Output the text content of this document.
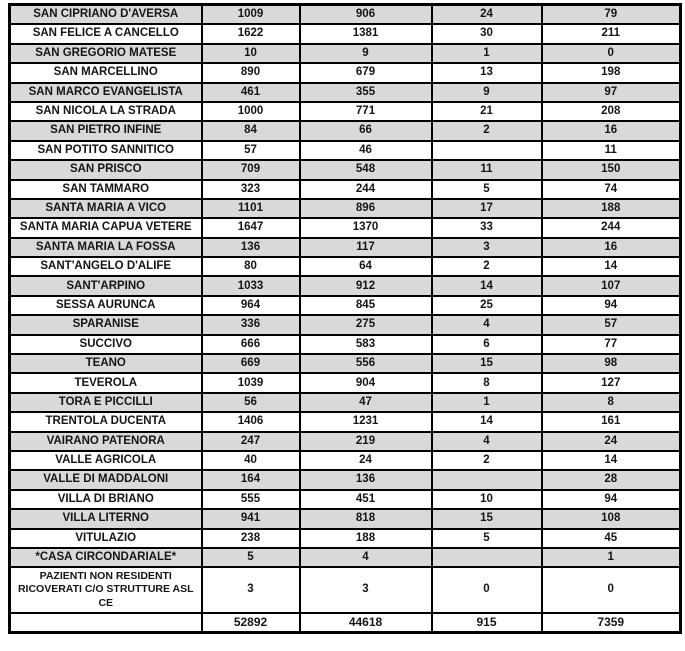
SAN CIPRIANO D'AVERSA	1009	906	24	79
SAN FELICE A CANCELLO	1622	1381	30	211
SAN GREGORIO MATESE	10	9	1	0
SAN MARCELLINO	890	679	13	198
SAN MARCO EVANGELISTA	461	355	9	97
SAN NICOLA LA STRADA	1000	771	21	208
SAN PIETRO INFINE	84	66	2	16
SAN POTITO SANNITICO	57	46		11
SAN PRISCO	709	548	11	150
SAN TAMMARO	323	244	5	74
SANTA MARIA A VICO	1101	896	17	188
SANTA MARIA CAPUA VETERE	1647	1370	33	244
SANTA MARIA LA FOSSA	136	117	3	16
SANT'ANGELO D'ALIFE	80	64	2	14
SANT'ARPINO	1033	912	14	107
SESSA AURUNCA	964	845	25	94
SPARANISE	336	275	4	57
SUCCIVO	666	583	6	77
TEANO	669	556	15	98
TEVEROLA	1039	904	8	127
TORA E PICCILLI	56	47	1	8
TRENTOLA DUCENTA	1406	1231	14	161
VAIRANO PATENORA	247	219	4	24
VALLE AGRICOLA	40	24	2	14
VALLE DI MADDALONI	164	136		28
VILLA DI BRIANO	555	451	10	94
VILLA LITERNO	941	818	15	108
VITULAZIO	238	188	5	45
*CASA CIRCONDARIALE*	5	4		1
PAZIENTI NON RESIDENTI RICOVERATI C/O STRUTTURE ASL CE	3	3	0	0
	52892	44618	915	7359
